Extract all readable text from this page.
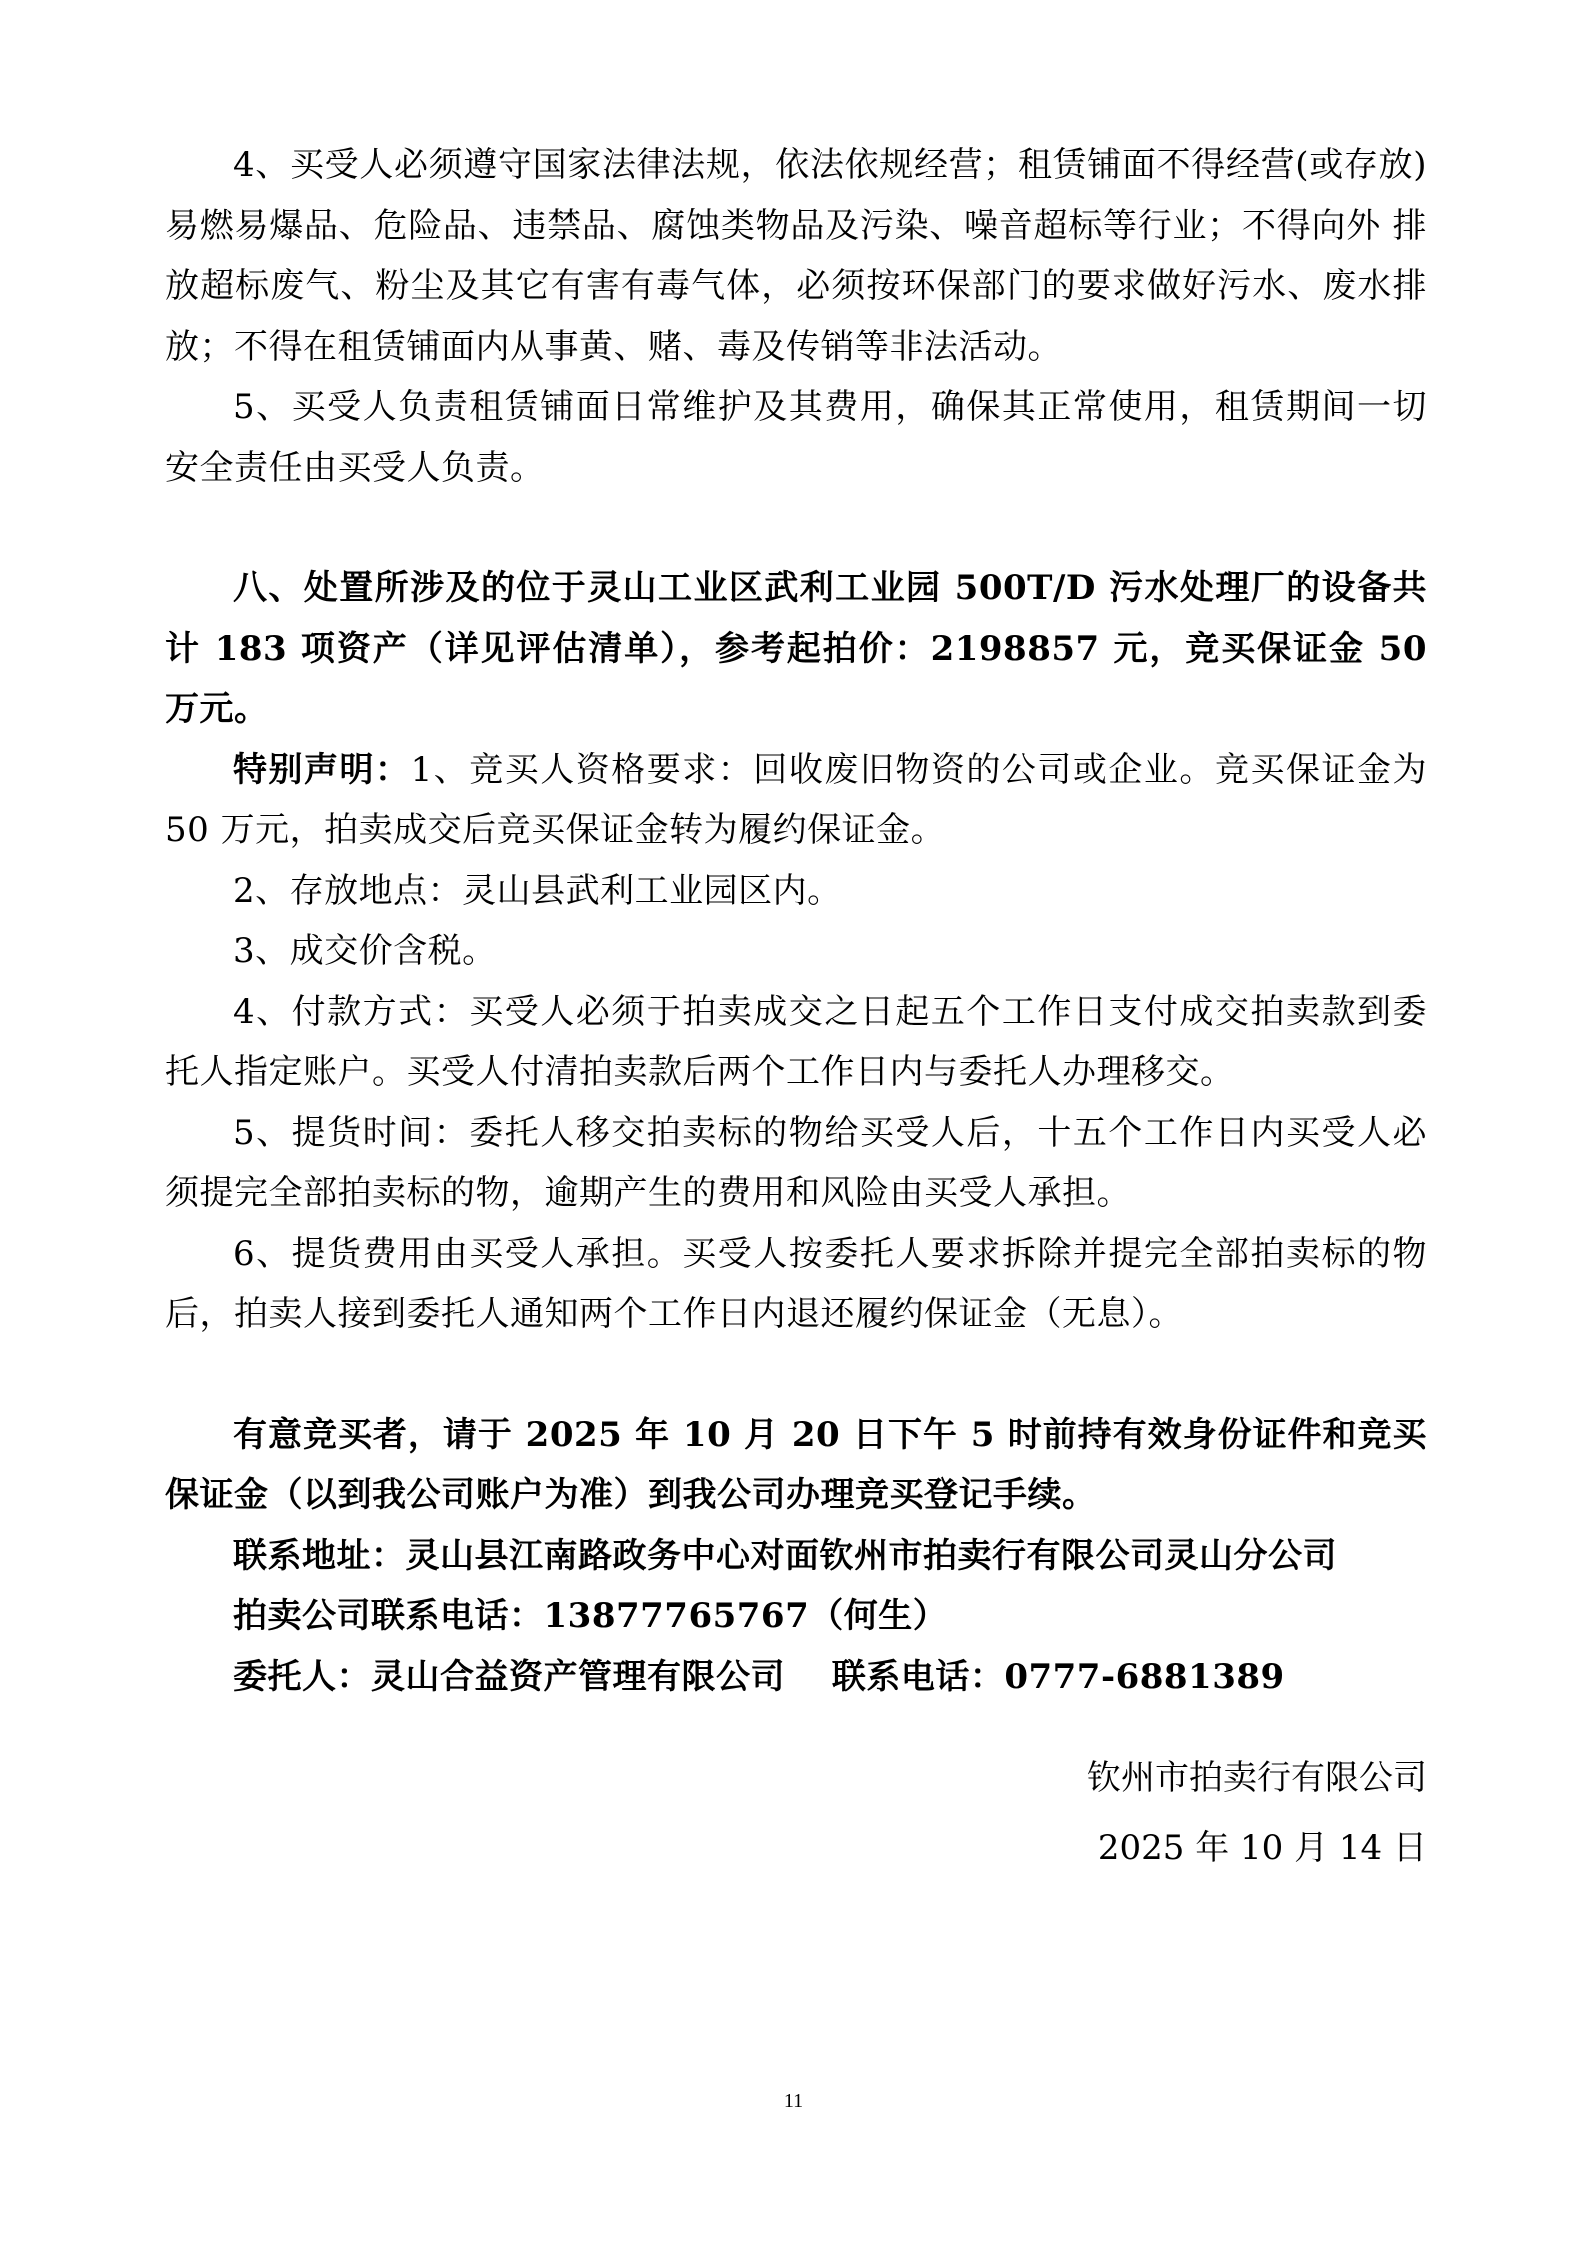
4、买受人必须遵守国家法律法规，依法依规经营；租赁铺面不得经营(或存放) 易燃易爆品、危险品、违禁品、腐蚀类物品及污染、噪音超标等行业；不得向外 排放超标废气、粉尘及其它有害有毒气体，必须按环保部门的要求做好污水、废水排放；不得在租赁铺面内从事黄、赌、毒及传销等非法活动。

5、买受人负责租赁铺面日常维护及其费用，确保其正常使用，租赁期间一切安全责任由买受人负责。

八、处置所涉及的位于灵山工业区武利工业园 500T/D 污水处理厂的设备共计 183 项资产（详见评估清单），参考起拍价：2198857 元，竞买保证金 50 万元。

特别声明：1、竞买人资格要求：回收废旧物资的公司或企业。竞买保证金为 50 万元，拍卖成交后竞买保证金转为履约保证金。

2、存放地点：灵山县武利工业园区内。

3、成交价含税。

4、付款方式：买受人必须于拍卖成交之日起五个工作日支付成交拍卖款到委托人指定账户。买受人付清拍卖款后两个工作日内与委托人办理移交。

5、提货时间：委托人移交拍卖标的物给买受人后，十五个工作日内买受人必须提完全部拍卖标的物，逾期产生的费用和风险由买受人承担。

6、提货费用由买受人承担。买受人按委托人要求拆除并提完全部拍卖标的物后，拍卖人接到委托人通知两个工作日内退还履约保证金（无息）。

有意竞买者，请于 2025 年 10 月 20 日下午 5 时前持有效身份证件和竞买保证金（以到我公司账户为准）到我公司办理竞买登记手续。

联系地址：灵山县江南路政务中心对面钦州市拍卖行有限公司灵山分公司

拍卖公司联系电话：13877765767（何生）

委托人：灵山合益资产管理有限公司　 联系电话：0777-6881389

钦州市拍卖行有限公司
2025 年 10 月 14 日
11
